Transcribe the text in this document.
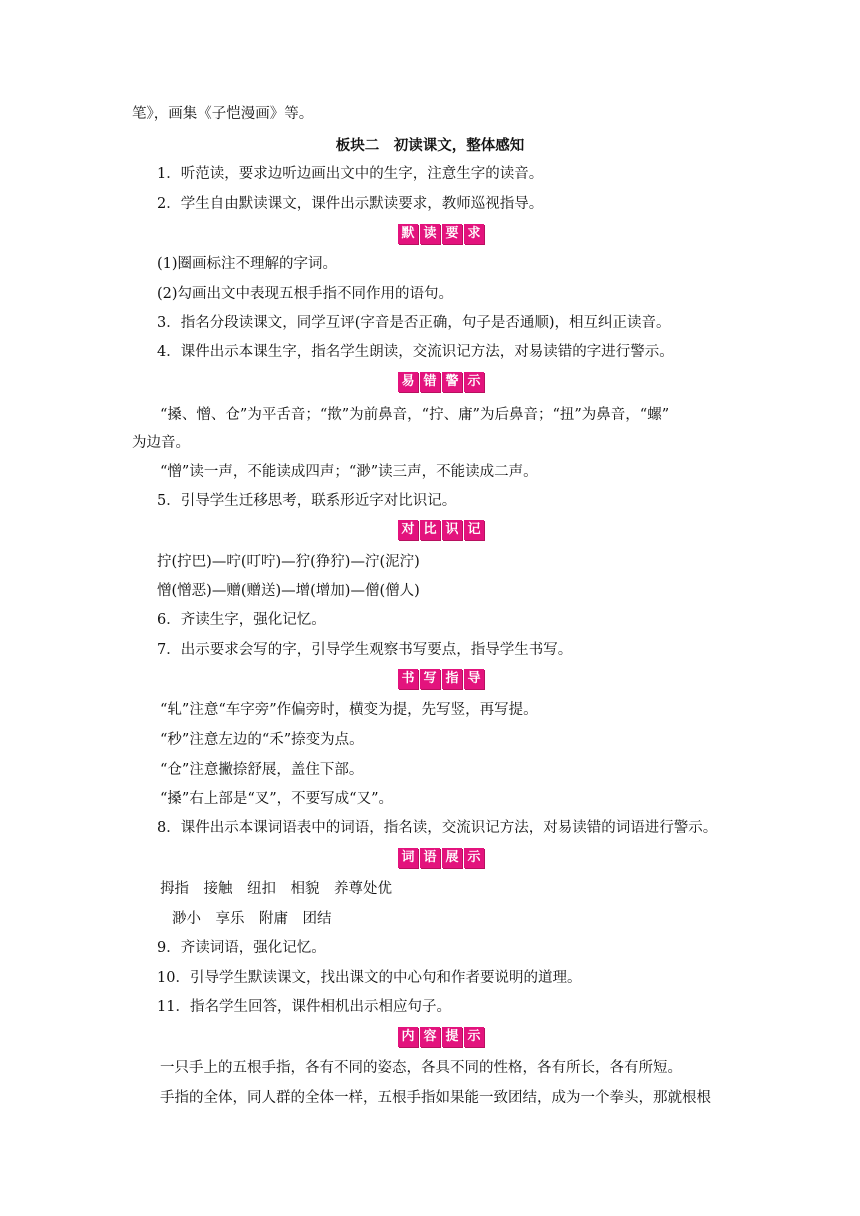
笔》，画集《子恺漫画》等。
板块二　初读课文，整体感知
1．听范读，要求边听边画出文中的生字，注意生字的读音。
2．学生自由默读课文，课件出示默读要求，教师巡视指导。
默 读 要 求
(1)圈画标注不理解的字词。
(2)勾画出文中表现五根手指不同作用的语句。
3．指名分段读课文，同学互评(字音是否正确，句子是否通顺)，相互纠正读音。
4．课件出示本课生字，指名学生朗读，交流识记方法，对易读错的字进行警示。
易 错 警 示
“搡、憎、仓”为平舌音；“揿”为前鼻音，“拧、庸”为后鼻音；“扭”为鼻音，“螺”
为边音。
“憎”读一声，不能读成四声；“渺”读三声，不能读成二声。
5．引导学生迁移思考，联系形近字对比识记。
对 比 识 记
拧(拧巴)—咛(叮咛)—狞(狰狞)—泞(泥泞)
憎(憎恶)—赠(赠送)—增(增加)—僧(僧人)
6．齐读生字，强化记忆。
7．出示要求会写的字，引导学生观察书写要点，指导学生书写。
书 写 指 导
“轧”注意“车字旁”作偏旁时，横变为提，先写竖，再写提。
“秒”注意左边的“禾”捺变为点。
“仓”注意撇捺舒展，盖住下部。
“搡”右上部是“叉”，不要写成“又”。
8．课件出示本课词语表中的词语，指名读，交流识记方法，对易读错的词语进行警示。
词 语 展 示
拇指　接触　纽扣　相貌　养尊处优
渺小　享乐　附庸　团结
9．齐读词语，强化记忆。
10．引导学生默读课文，找出课文的中心句和作者要说明的道理。
11．指名学生回答，课件相机出示相应句子。
内 容 提 示
一只手上的五根手指，各有不同的姿态，各具不同的性格，各有所长，各有所短。
手指的全体，同人群的全体一样，五根手指如果能一致团结，成为一个拳头，那就根根
